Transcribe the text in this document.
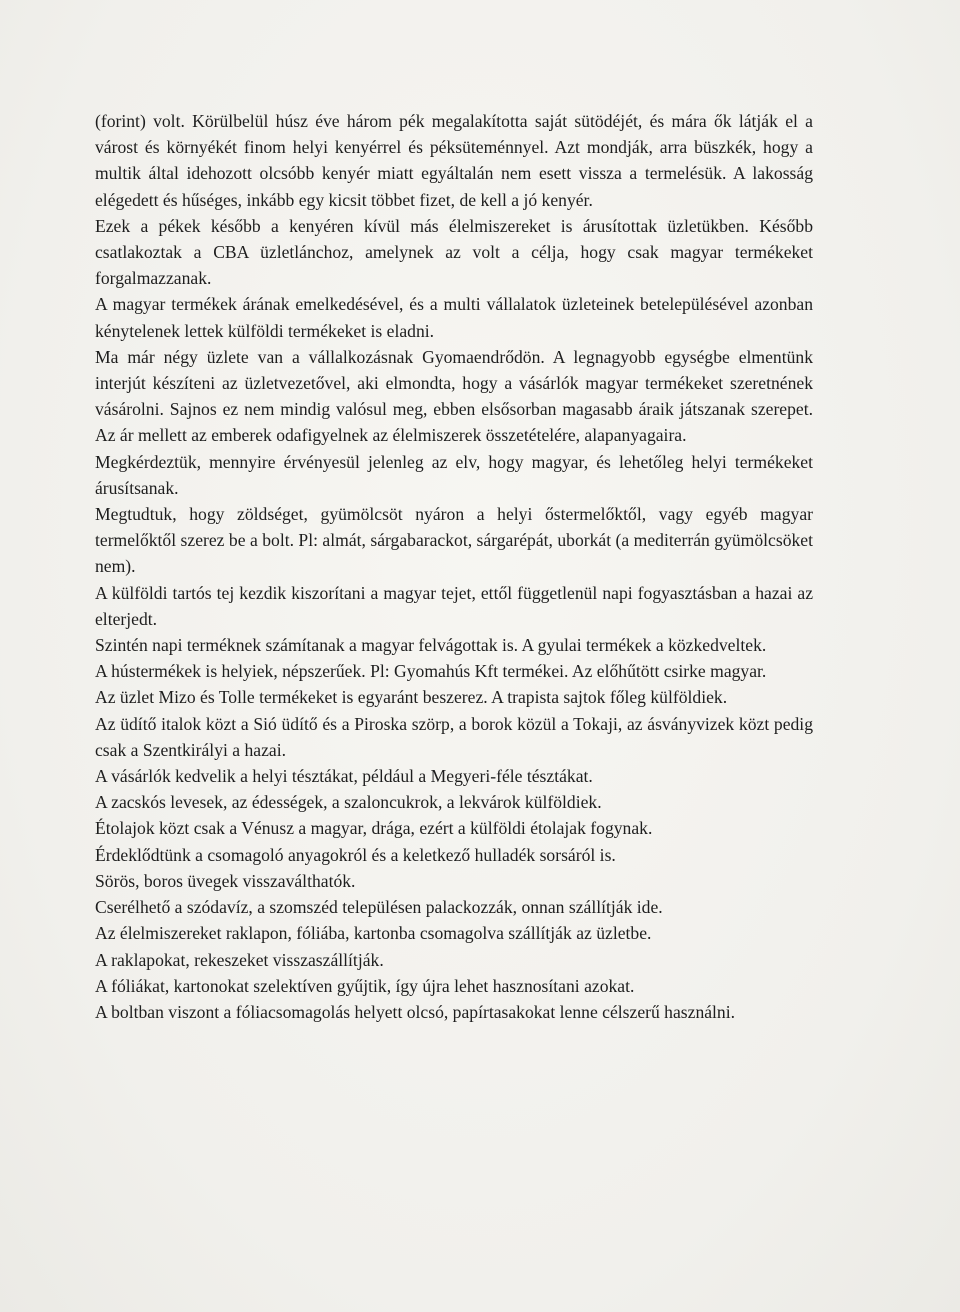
(forint) volt. Körülbelül húsz éve három pék megalakította saját sütödéjét, és mára ők látják el a várost és környékét finom helyi kenyérrel és péksüteménnyel. Azt mondják, arra büszkék, hogy a multik által idehozott olcsóbb kenyér miatt egyáltalán nem esett vissza a termelésük. A lakosság elégedett és hűséges, inkább egy kicsit többet fizet, de kell a jó kenyér.

Ezek a pékek később a kenyéren kívül más élelmiszereket is árusítottak üzletükben. Később csatlakoztak a CBA üzletlánchoz, amelynek az volt a célja, hogy csak magyar termékeket forgalmazzanak.

A magyar termékek árának emelkedésével, és a multi vállalatok üzleteinek betelepülésével azonban kénytelenek lettek külföldi termékeket is eladni.

Ma már négy üzlete van a vállalkozásnak Gyomaendrődön. A legnagyobb egységbe elmentünk interjút készíteni az üzletvezetővel, aki elmondta, hogy a vásárlók magyar termékeket szeretnének vásárolni. Sajnos ez nem mindig valósul meg, ebben elsősorban magasabb áraik játszanak szerepet. Az ár mellett az emberek odafigyelnek az élelmiszerek összetételére, alapanyagaira.

Megkérdeztük, mennyire érvényesül jelenleg az elv, hogy magyar, és lehetőleg helyi termékeket árusítsanak.

Megtudtuk, hogy zöldséget, gyümölcsöt nyáron a helyi őstermelőktől, vagy egyéb magyar termelőktől szerez be a bolt. Pl: almát, sárgabarackot, sárgarépát, uborkát (a mediterrán gyümölcsöket nem).

A külföldi tartós tej kezdik kiszorítani a magyar tejet, ettől függetlenül napi fogyasztásban a hazai az elterjedt.

Szintén napi terméknek számítanak a magyar felvágottak is. A gyulai termékek a közkedveltek.

A hústermékek is helyiek, népszerűek. Pl: Gyomahús Kft termékei. Az előhűtött csirke magyar.

Az üzlet Mizo és Tolle termékeket is egyaránt beszerez. A trapista sajtok főleg külföldiek.

Az üdítő italok közt a Sió üdítő és a Piroska szörp, a borok közül a Tokaji, az ásványvizek közt pedig csak a Szentkirályi a hazai.

A vásárlók kedvelik a helyi tésztákat, például a Megyeri-féle tésztákat.

A zacskós levesek, az édességek, a szaloncukrok, a lekvárok külföldiek.

Étolajok közt csak a Vénusz a magyar, drága, ezért a külföldi étolajak fogynak.

Érdeklődtünk a csomagoló anyagokról és a keletkező hulladék sorsáról is.

Sörös, boros üvegek visszaválthatók.

Cserélhető a szódavíz, a szomszéd településen palackozzák, onnan szállítják ide.

Az élelmiszereket raklapon, fóliába, kartonba csomagolva szállítják az üzletbe.

A raklapokat, rekeszeket visszaszállítják.

A fóliákat, kartonokat szelektíven gyűjtik, így újra lehet hasznosítani azokat.

A boltban viszont a fóliacsomagolás helyett olcsó, papírtasakokat lenne célszerű használni.
